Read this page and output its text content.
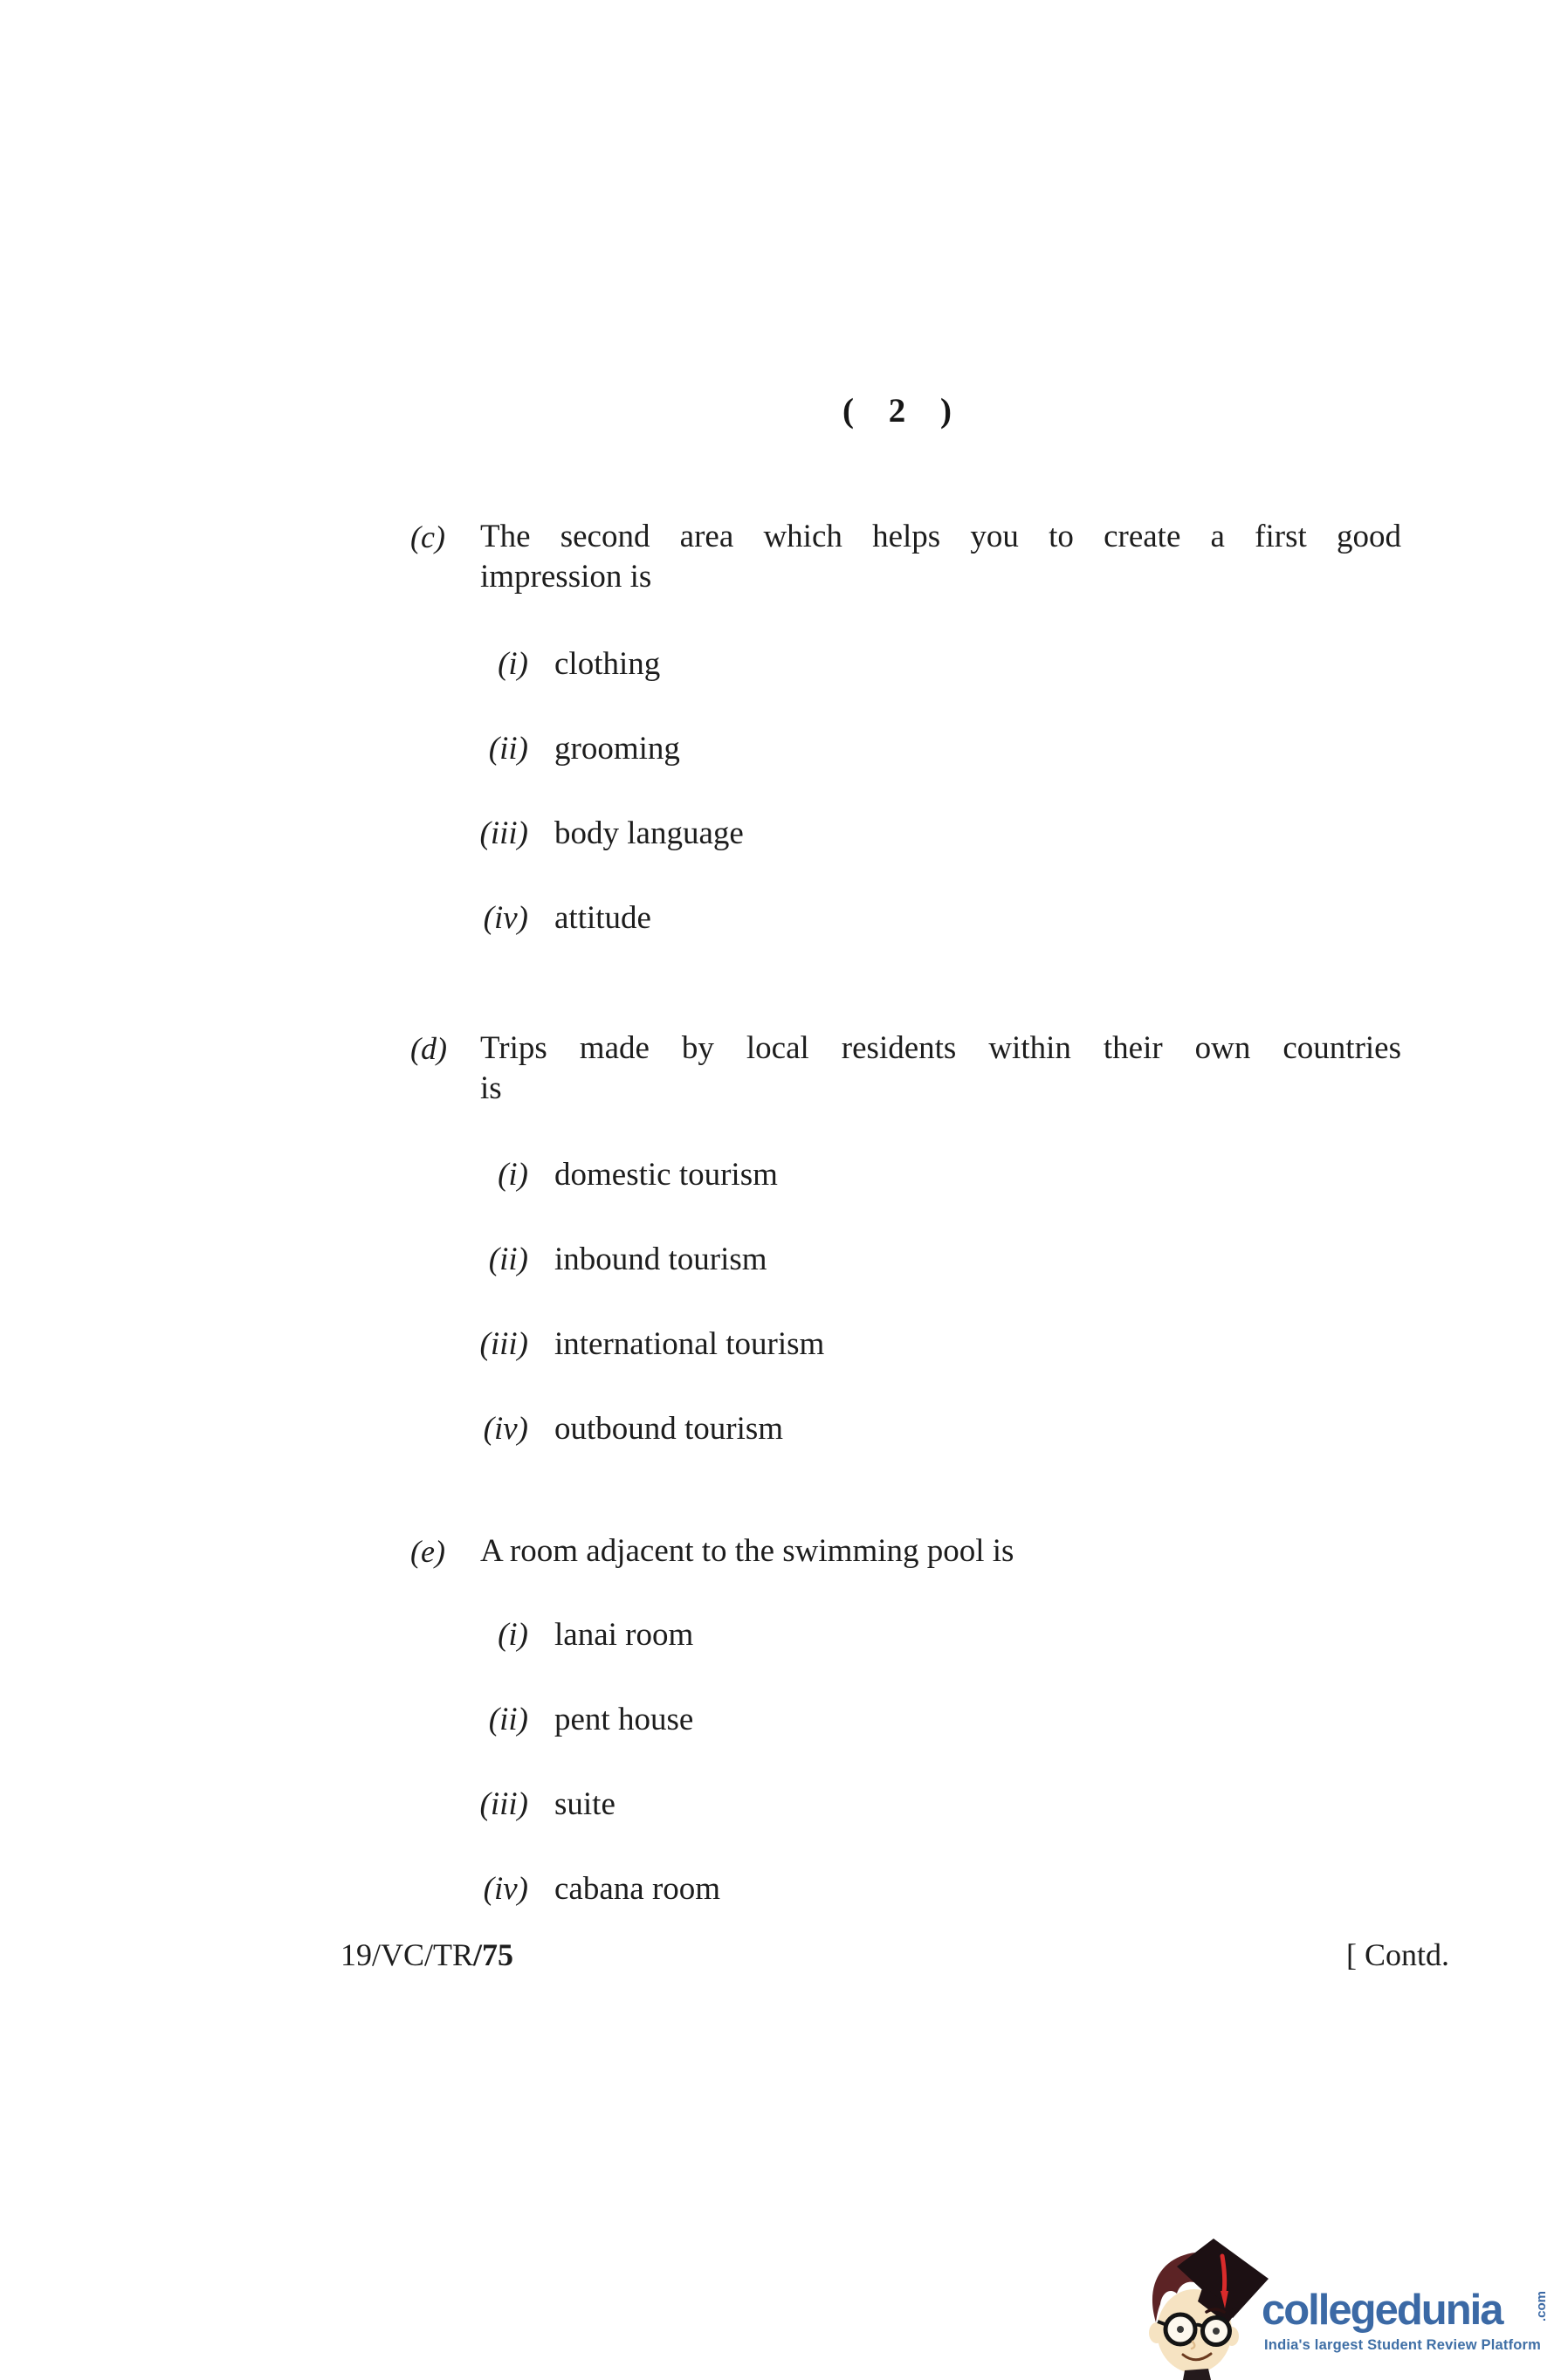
( 2 )
(c)	The second area which helps you to create a first good
impression is
(i) clothing
(ii) grooming
(iii) body language
(iv) attitude
(d)	Trips made by local residents within their own countries
is
(i) domestic tourism
(ii) inbound tourism
(iii) international tourism
(iv) outbound tourism
(e)	A room adjacent to the swimming pool is
(i) lanai room
(ii) pent house
(iii) suite
(iv) cabana room
19/VC/TR/75	[ Contd.
collegedunia .com
India's largest Student Review Platform
